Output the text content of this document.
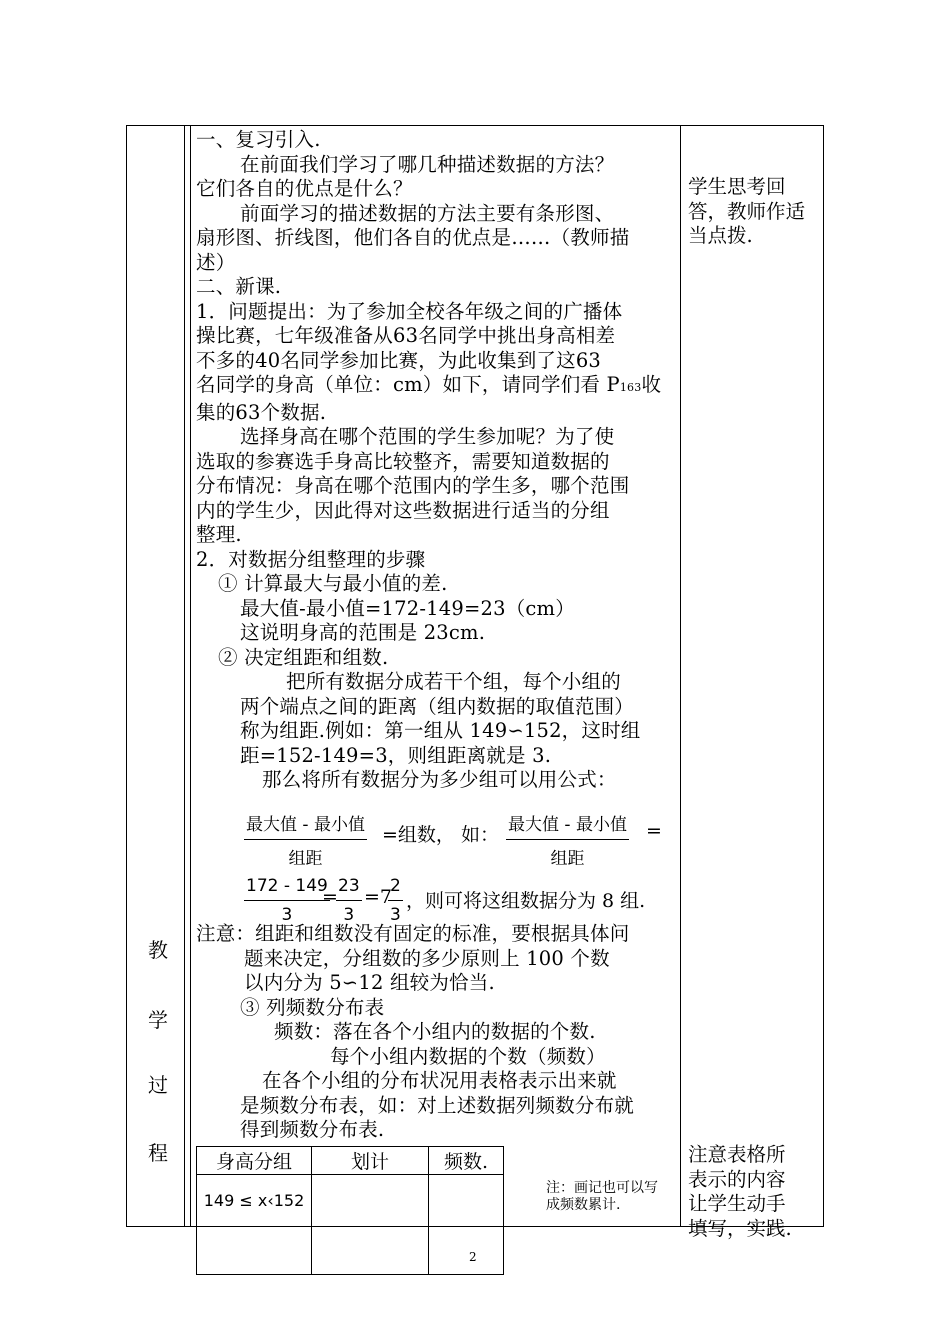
教
学
过
程

一、复习引入.

在前面我们学习了哪几种描述数据的方法？

它们各自的优点是什么？

前面学习的描述数据的方法主要有条形图、

扇形图、折线图，他们各自的优点是……（教师描

述）

二、新课.

1．问题提出：为了参加全校各年级之间的广播体

操比赛，七年级准备从63名同学中挑出身高相差

不多的40名同学参加比赛，为此收集到了这63

名同学的身高（单位：cm）如下，请同学们看 P163收

集的63个数据.

选择身高在哪个范围的学生参加呢？为了使

选取的参赛选手身高比较整齐，需要知道数据的

分布情况：身高在哪个范围内的学生多，哪个范围

内的学生少，因此得对这些数据进行适当的分组

整理.

2．对数据分组整理的步骤

① 计算最大与最小值的差.

最大值-最小值=172-149=23（cm）

这说明身高的范围是 23cm.

② 决定组距和组数.

把所有数据分成若干个组，每个小组的

两个端点之间的距离（组内数据的取值范围）

称为组距.例如：第一组从 149∽152，这时组

距=152-149=3，则组距离就是 3.

那么将所有数据分为多少组可以用公式：

最大值 - 最小值
组距
=组数， 如： 最大值 - 最小值
组距
=
$\frac{172 - 149}{3}$
=
$\frac{23}{3} =7$
$\frac{2}{3}$ ，则可将这组数据分为 8 组.

注意：组距和组数没有固定的标准，要根据具体问

题来决定，分组数的多少原则上 100 个数

以内分为 5∽12 组较为恰当.

③ 列频数分布表

频数：落在各个小组内的数据的个数.

每个小组内数据的个数（频数）

在各个小组的分布状况用表格表示出来就

是频数分布表，如：对上述数据列频数分布就

得到频数分布表.

学生思考回
答，教师作适
当点拨.
注意表格所
表示的内容
让学生动手
填写，实践.
身高分组	划计	频数.
149 ≤ x‹152		

注：画记也可以写成频数累计.
2
